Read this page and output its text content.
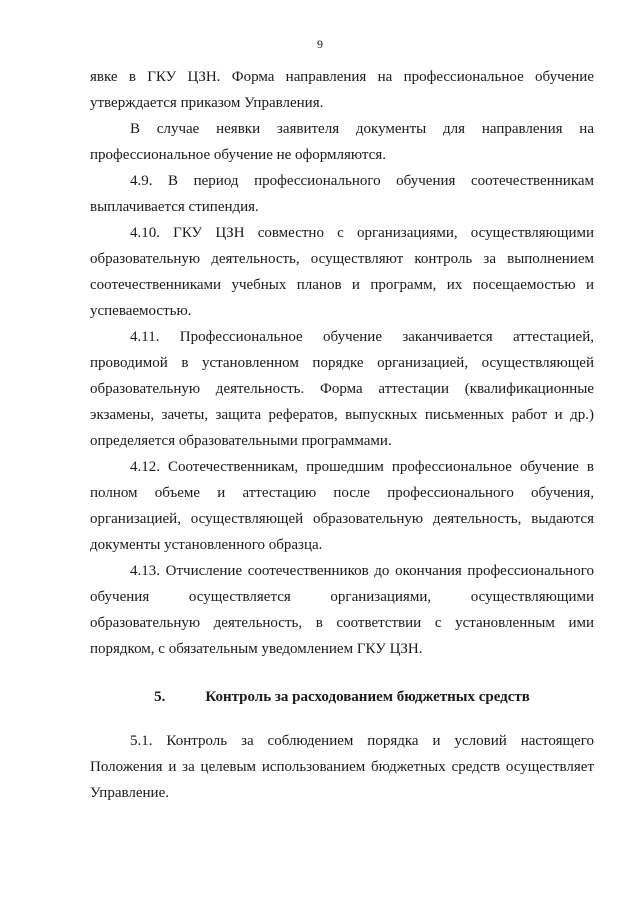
9

явке в ГКУ ЦЗН. Форма направления на профессиональное обучение утверждается приказом Управления.

В случае неявки заявителя документы для направления на профессиональное обучение не оформляются.

4.9. В период профессионального обучения соотечественникам выплачивается стипендия.

4.10. ГКУ ЦЗН совместно с организациями, осуществляющими образовательную деятельность, осуществляют контроль за выполнением соотечественниками учебных планов и программ, их посещаемостью и успеваемостью.

4.11. Профессиональное обучение заканчивается аттестацией, проводимой в установленном порядке организацией, осуществляющей образовательную деятельность. Форма аттестации (квалификационные экзамены, зачеты, защита рефератов, выпускных письменных работ и др.) определяется образовательными программами.

4.12. Соотечественникам, прошедшим профессиональное обучение в полном объеме и аттестацию после профессионального обучения, организацией, осуществляющей образовательную деятельность, выдаются документы установленного образца.

4.13. Отчисление соотечественников до окончания профессионального обучения осуществляется организациями, осуществляющими образовательную деятельность, в соответствии с установленным ими порядком, с обязательным уведомлением ГКУ ЦЗН.

5.	Контроль за расходованием бюджетных средств

5.1. Контроль за соблюдением порядка и условий настоящего Положения и за целевым использованием бюджетных средств осуществляет Управление.
